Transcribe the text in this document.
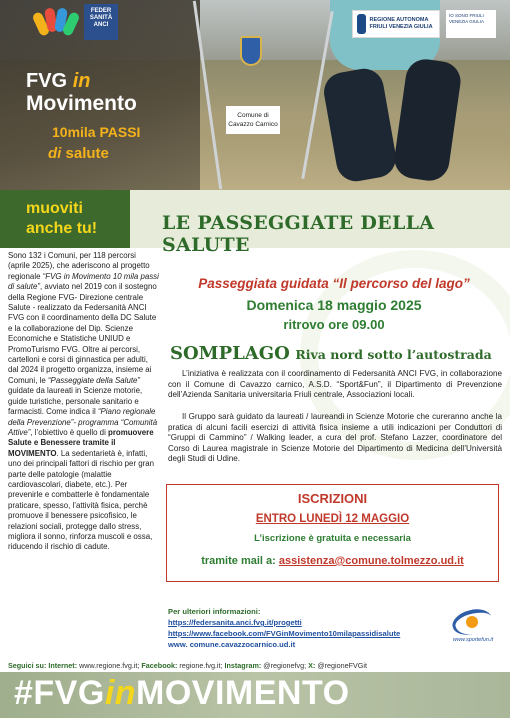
FEDER SANITÀ ANCI
REGIONE AUTONOMA FRIULI VENEZIA GIULIA
IO SONO FRIULI VENEZIA GIULIA
Comune di Cavazzo Carnico
FVG in
Movimento
10mila PASSI
di salute
muoviti
anche tu!	LE PASSEGGIATE DELLA SALUTE

Sono 132 i Comuni, per 118 percorsi (aprile 2025), che aderiscono al progetto regionale “FVG in Movimento 10 mila passi di salute”, avviato nel 2019 con il sostegno della Regione FVG- Direzione centrale Salute - realizzato da Federsanità ANCI FVG con il coordinamento della DC Salute e la collaborazione del Dip. Scienze Economiche e Statistiche UNIUD e PromoTurismo FVG. Oltre ai percorsi, cartelloni e corsi di ginnastica per adulti, dal 2024 il progetto organizza, insieme ai Comuni, le “Passeggiate della Salute” guidate da laureati in Scienze motorie, guide turistiche, personale sanitario e farmacisti. Come indica il “Piano regionale della Prevenzione”- programma “Comunità Attive”, l’obiettivo è quello di promuovere Salute e Benessere tramite il MOVIMENTO. La sedentarietà è, infatti, uno dei principali fattori di rischio per gran parte delle patologie (malattie cardiovascolari, diabete, etc.). Per prevenirle e combatterle è fondamentale praticare, spesso, l’attività fisica, perchè promuove il benessere psicofisico, le relazioni sociali, protegge dallo stress, migliora il sonno, rinforza muscoli e ossa, riducendo il rischio di cadute.

Passeggiata guidata “Il percorso del lago”
Domenica 18 maggio 2025
ritrovo ore 09.00
SOMPLAGO Riva nord sotto l’autostrada
L’iniziativa è realizzata con il coordinamento di Federsanità ANCI FVG, in collaborazione con il Comune di Cavazzo carnico, A.S.D. “Sport&Fun”, il Dipartimento di Prevenzione dell’Azienda Sanitaria universitaria Friuli centrale, Associazioni locali.
Il Gruppo sarà guidato da laureati / laureandi in Scienze Motorie che cureranno anche la pratica di alcuni facili esercizi di attività fisica insieme a utili indicazioni per Conduttori di “Gruppi di Cammino” / Walking leader, a cura del prof. Stefano Lazzer, coordinatore del Corso di Laurea magistrale in Scienze Motorie del Dipartimento di Medicina dell’Università degli Studi di Udine.
ISCRIZIONI
ENTRO LUNEDÌ 12 MAGGIO
L’iscrizione è gratuita e necessaria
tramite mail a: assistenza@comune.tolmezzo.ud.it
Per ulteriori informazioni:
https://federsanita.anci.fvg.it/progetti
https://www.facebook.com/FVGinMovimento10milapassidisalute
www. comune.cavazzocarnico.ud.it	www.sportefun.it
Seguici su: Internet: www.regione.fvg.it; Facebook: regione.fvg.it; Instagram: @regionefvg; X: @regioneFVGit
#FVGinMOVIMENTO
